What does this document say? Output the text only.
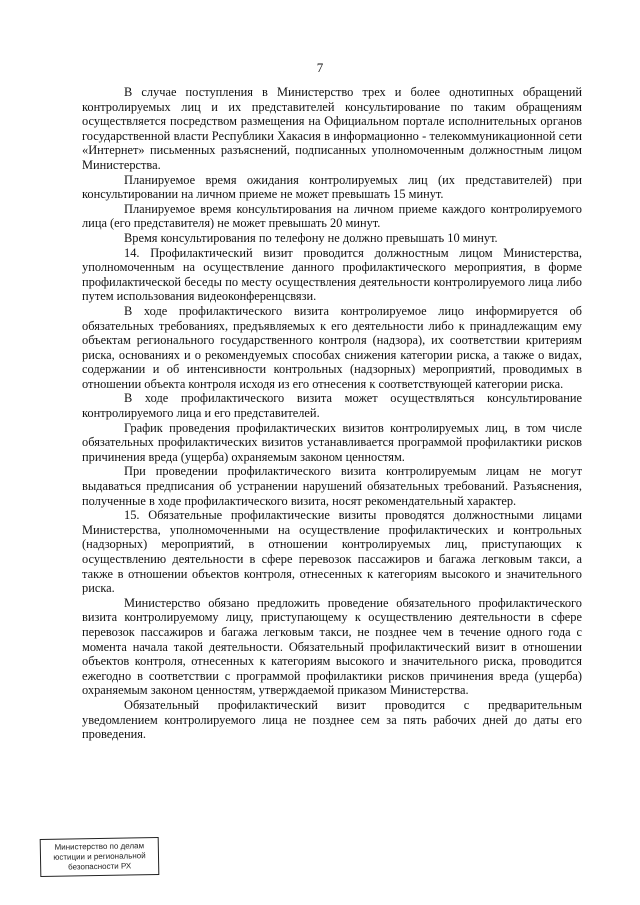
7

В случае поступления в Министерство трех и более однотипных обращений контролируемых лиц и их представителей консультирование по таким обращениям осуществляется посредством размещения на Официальном портале исполнительных органов государственной власти Республики Хакасия в информационно - телекоммуникационной сети «Интернет» письменных разъяснений, подписанных уполномоченным должностным лицом Министерства.

Планируемое время ожидания контролируемых лиц (их представителей) при консультировании на личном приеме не может превышать 15 минут.

Планируемое время консультирования на личном приеме каждого контролируемого лица (его представителя) не может превышать 20 минут.

Время консультирования по телефону не должно превышать 10 минут.

14. Профилактический визит проводится должностным лицом Министерства, уполномоченным на осуществление данного профилактического мероприятия, в форме профилактической беседы по месту осуществления деятельности контролируемого лица либо путем использования видеоконференцсвязи.

В ходе профилактического визита контролируемое лицо информируется об обязательных требованиях, предъявляемых к его деятельности либо к принадлежащим ему объектам регионального государственного контроля (надзора), их соответствии критериям риска, основаниях и о рекомендуемых способах снижения категории риска, а также о видах, содержании и об интенсивности контрольных (надзорных) мероприятий, проводимых в отношении объекта контроля исходя из его отнесения к соответствующей категории риска.

В ходе профилактического визита может осуществляться консультирование контролируемого лица и его представителей.

График проведения профилактических визитов контролируемых лиц, в том числе обязательных профилактических визитов устанавливается программой профилактики рисков причинения вреда (ущерба) охраняемым законом ценностям.

При проведении профилактического визита контролируемым лицам не могут выдаваться предписания об устранении нарушений обязательных требований. Разъяснения, полученные в ходе профилактического визита, носят рекомендательный характер.

15. Обязательные профилактические визиты проводятся должностными лицами Министерства, уполномоченными на осуществление профилактических и контрольных (надзорных) мероприятий, в отношении контролируемых лиц, приступающих к осуществлению деятельности в сфере перевозок пассажиров и багажа легковым такси, а также в отношении объектов контроля, отнесенных к категориям высокого и значительного риска.

Министерство обязано предложить проведение обязательного профилактического визита контролируемому лицу, приступающему к осуществлению деятельности в сфере перевозок пассажиров и багажа легковым такси, не позднее чем в течение одного года с момента начала такой деятельности. Обязательный профилактический визит в отношении объектов контроля, отнесенных к категориям высокого и значительного риска, проводится ежегодно в соответствии с программой профилактики рисков причинения вреда (ущерба) охраняемым законом ценностям, утверждаемой приказом Министерства.

Обязательный профилактический визит проводится с предварительным уведомлением контролируемого лица не позднее сем за пять рабочих дней до даты его проведения.

Министерство по делам
юстиции и региональной
безопасности РХ
